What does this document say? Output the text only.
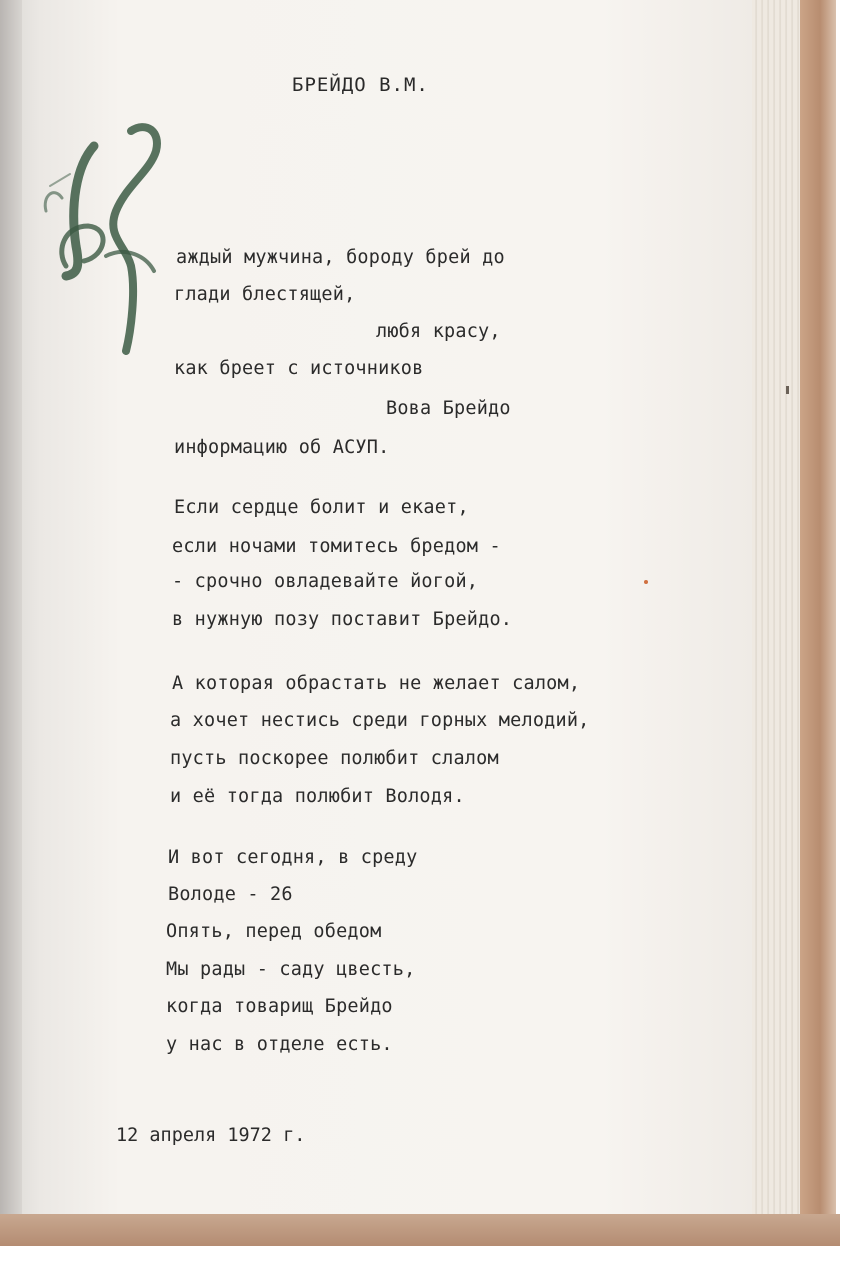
БРЕЙДО В.М.
К
аждый мужчина, бороду брей до
глади блестящей,
любя красу,
как бреет с источников
Вова Брейдо
информацию об АСУП.
Если сердце болит и екает,
если ночами томитесь бредом -
- срочно овладевайте йогой,
в нужную позу поставит Брейдо.
А которая обрастать не желает салом,
а хочет нестись среди горных мелодий,
пусть поскорее полюбит слалом
и её тогда полюбит Володя.
И вот сегодня, в среду
Володе - 26
Опять, перед обедом
Мы рады - саду цвесть,
когда товарищ Брейдо
у нас в отделе есть.
12 апреля 1972 г.
